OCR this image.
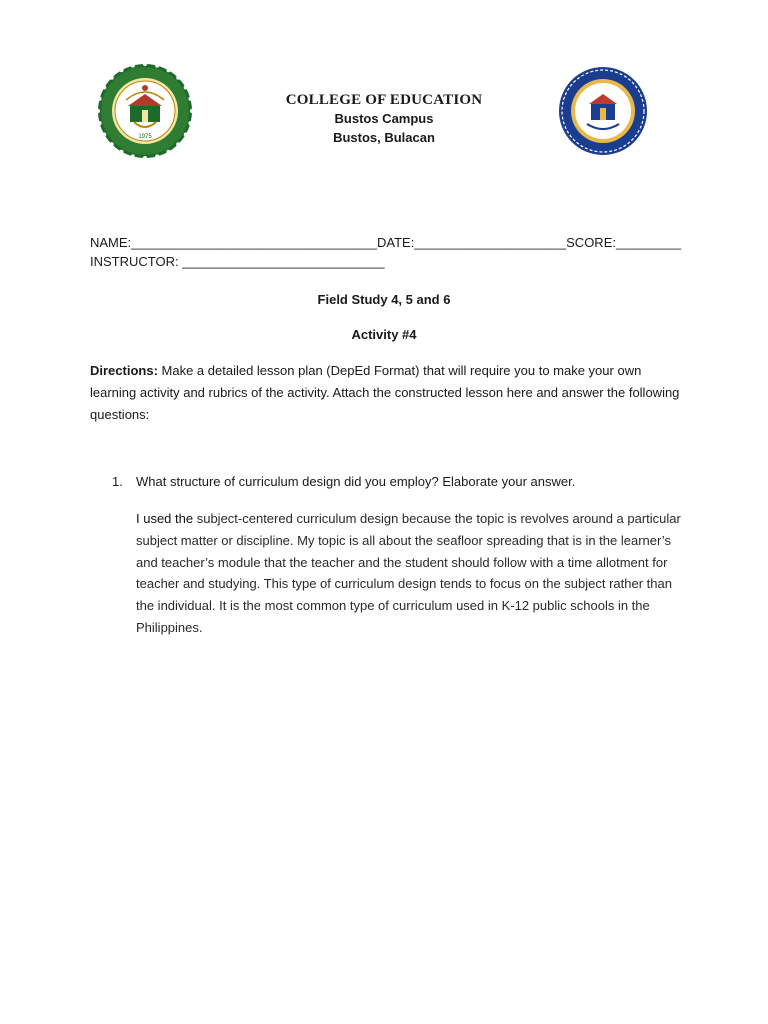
1975
COLLEGE OF EDUCATION
Bustos Campus
Bustos, Bulacan
NAME:__________________________________DATE:_____________________SCORE:_________
INSTRUCTOR: ____________________________
Field Study 4, 5 and 6
Activity #4
Directions: Make a detailed lesson plan (DepEd Format) that will require you to make your own learning activity and rubrics of the activity. Attach the constructed lesson here and answer the following questions:
1. What structure of curriculum design did you employ? Elaborate your answer.
I used the subject-centered curriculum design because the topic is revolves around a particular subject matter or discipline. My topic is all about the seafloor spreading that is in the learner’s and teacher’s module that the teacher and the student should follow with a time allotment for teacher and studying. This type of curriculum design tends to focus on the subject rather than the individual. It is the most common type of curriculum used in K-12 public schools in the Philippines.
